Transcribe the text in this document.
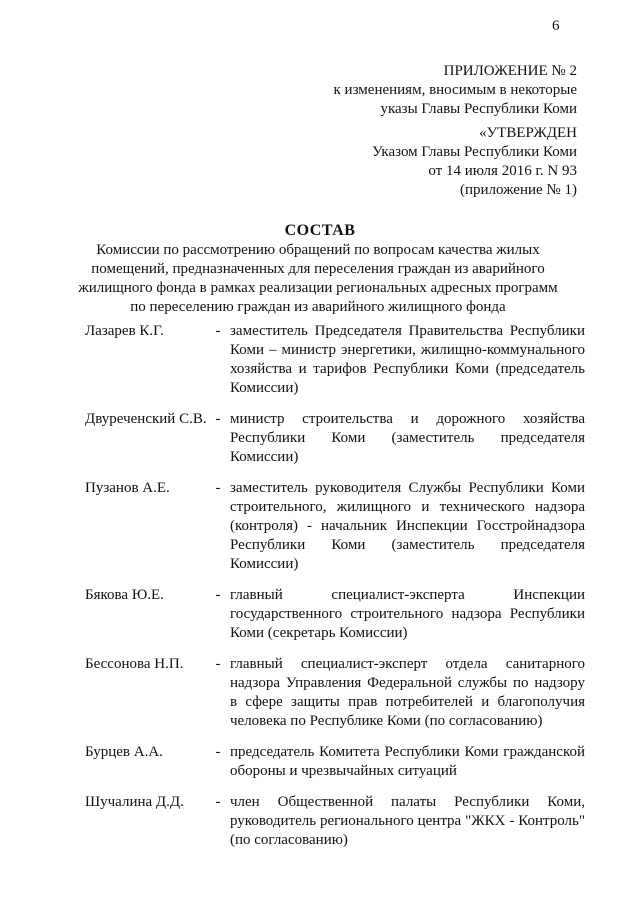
6
ПРИЛОЖЕНИЕ № 2
к изменениям, вносимым в некоторые
указы Главы Республики Коми
«УТВЕРЖДЕН
Указом Главы Республики Коми
от 14 июля 2016 г. N 93
(приложение № 1)
СОСТАВ
Комиссии по рассмотрению обращений по вопросам качества жилых
помещений, предназначенных для переселения граждан из аварийного
жилищного фонда в рамках реализации региональных адресных программ
по переселению граждан из аварийного жилищного фонда
Лазарев К.Г.	- заместитель Председателя Правительства Республики Коми – министр энергетики, жилищно-коммунального хозяйства и тарифов Республики Коми (председатель Комиссии)
Двуреченский С.В. - министр строительства и дорожного хозяйства Республики Коми (заместитель председателя Комиссии)
Пузанов А.Е.	- заместитель руководителя Службы Республики Коми строительного, жилищного и технического надзора (контроля) - начальник Инспекции Госстройнадзора Республики Коми (заместитель председателя Комиссии)
Бякова Ю.Е.	- главный специалист-эксперта Инспекции государственного строительного надзора Республики Коми (секретарь Комиссии)
Бессонова Н.П.	- главный специалист-эксперт отдела санитарного надзора Управления Федеральной службы по надзору в сфере защиты прав потребителей и благополучия человека по Республике Коми (по согласованию)
Бурцев А.А.	- председатель Комитета Республики Коми гражданской обороны и чрезвычайных ситуаций
Шучалина Д.Д.	- член Общественной палаты Республики Коми, руководитель регионального центра "ЖКХ - Контроль" (по согласованию)
